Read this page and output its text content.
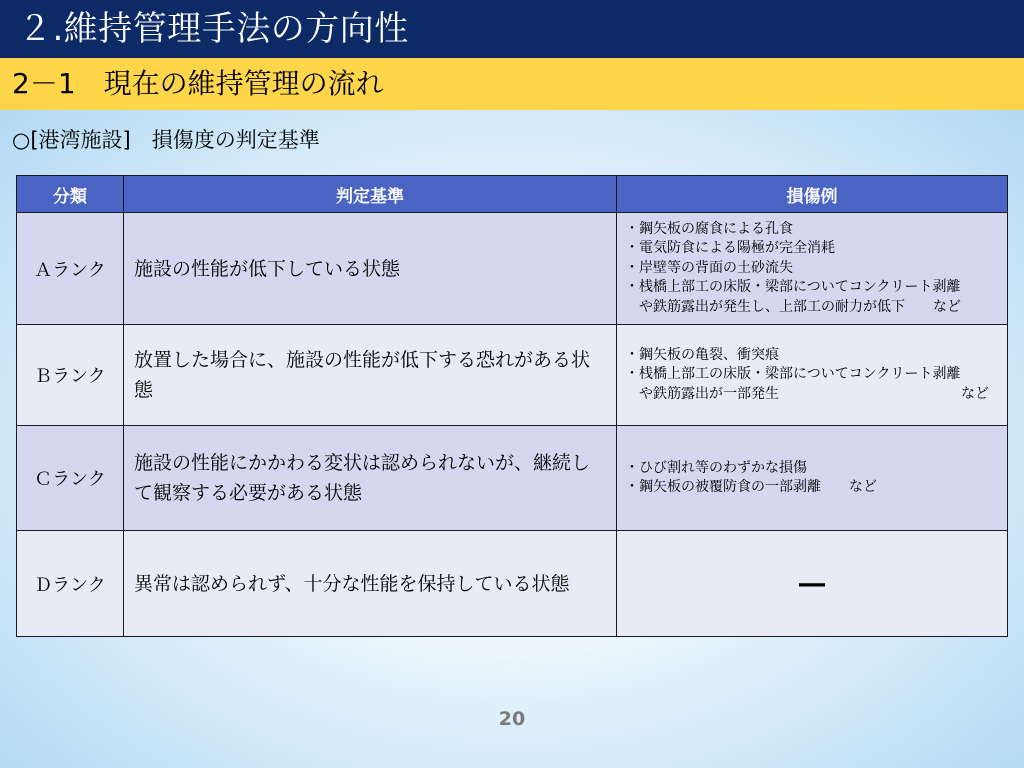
２.維持管理手法の方向性
2－1　現在の維持管理の流れ
○[港湾施設]　損傷度の判定基準
分類	判定基準	損傷例
Ａランク	施設の性能が低下している状態	・鋼矢板の腐食による孔食
・電気防食による陽極が完全消耗
・岸壁等の背面の土砂流失
・桟橋上部工の床版・梁部についてコンクリート剥離
　や鉄筋露出が発生し、上部工の耐力が低下　　など

Ｂランク	放置した場合に、施設の性能が低下する恐れがある状態	・鋼矢板の亀裂、衝突痕
・桟橋上部工の床版・梁部についてコンクリート剥離
　や鉄筋露出が一部発生　　　　　　　　　　　　　など

Ｃランク	施設の性能にかかわる変状は認められないが、継続して観察する必要がある状態	・ひび割れ等のわずかな損傷
・鋼矢板の被覆防食の一部剥離　　など

Ｄランク	異常は認められず、十分な性能を保持している状態	―
20
